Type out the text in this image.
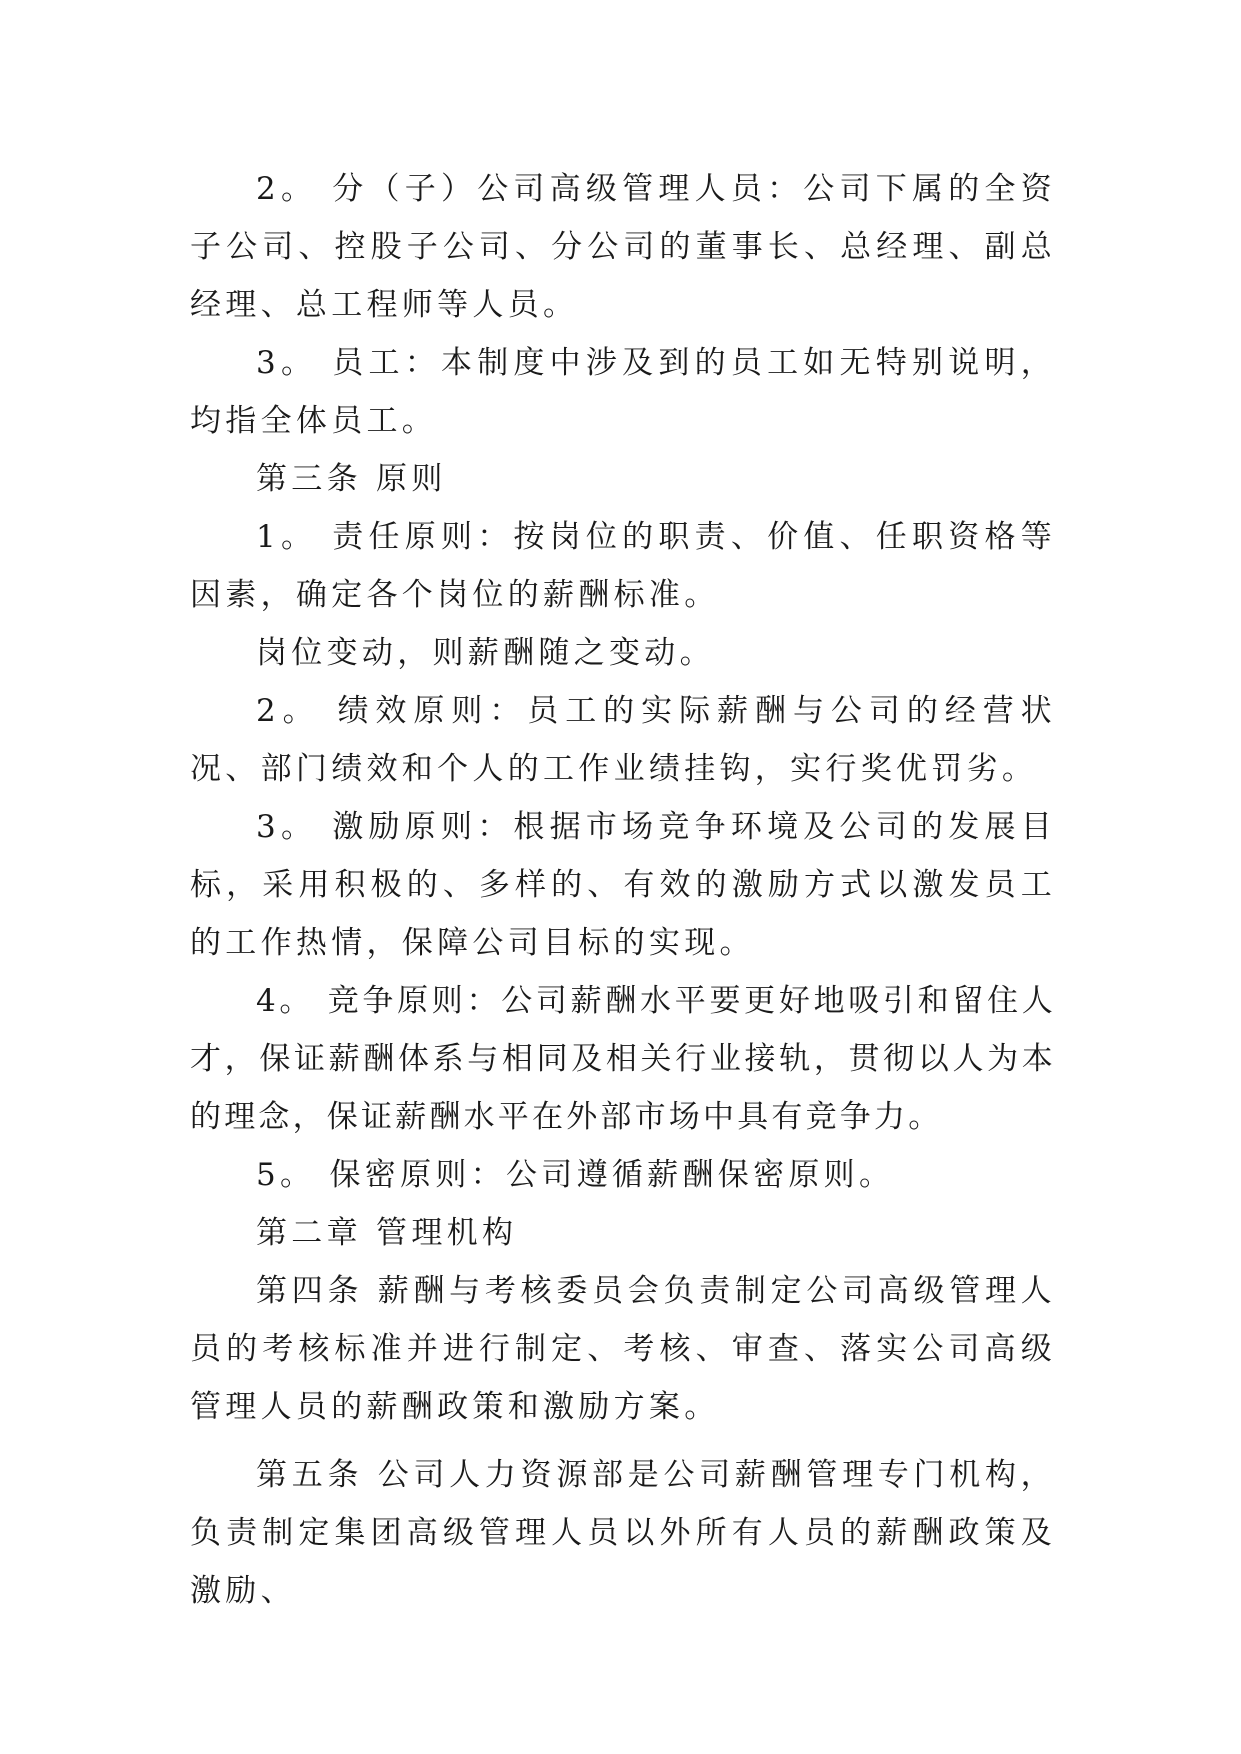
2。 分（子）公司高级管理人员：公司下属的全资子公司、控股子公司、分公司的董事长、总经理、副总经理、总工程师等人员。

3。 员工：本制度中涉及到的员工如无特别说明，均指全体员工。

第三条 原则

1。 责任原则：按岗位的职责、价值、任职资格等因素，确定各个岗位的薪酬标准。

岗位变动，则薪酬随之变动。

2。 绩效原则：员工的实际薪酬与公司的经营状况、部门绩效和个人的工作业绩挂钩，实行奖优罚劣。

3。 激励原则：根据市场竞争环境及公司的发展目标，采用积极的、多样的、有效的激励方式以激发员工的工作热情，保障公司目标的实现。

4。 竞争原则：公司薪酬水平要更好地吸引和留住人才，保证薪酬体系与相同及相关行业接轨，贯彻以人为本的理念，保证薪酬水平在外部市场中具有竞争力。

5。 保密原则：公司遵循薪酬保密原则。

第二章 管理机构

第四条 薪酬与考核委员会负责制定公司高级管理人员的考核标准并进行制定、考核、审查、落实公司高级管理人员的薪酬政策和激励方案。

第五条 公司人力资源部是公司薪酬管理专门机构，负责制定集团高级管理人员以外所有人员的薪酬政策及激励、
